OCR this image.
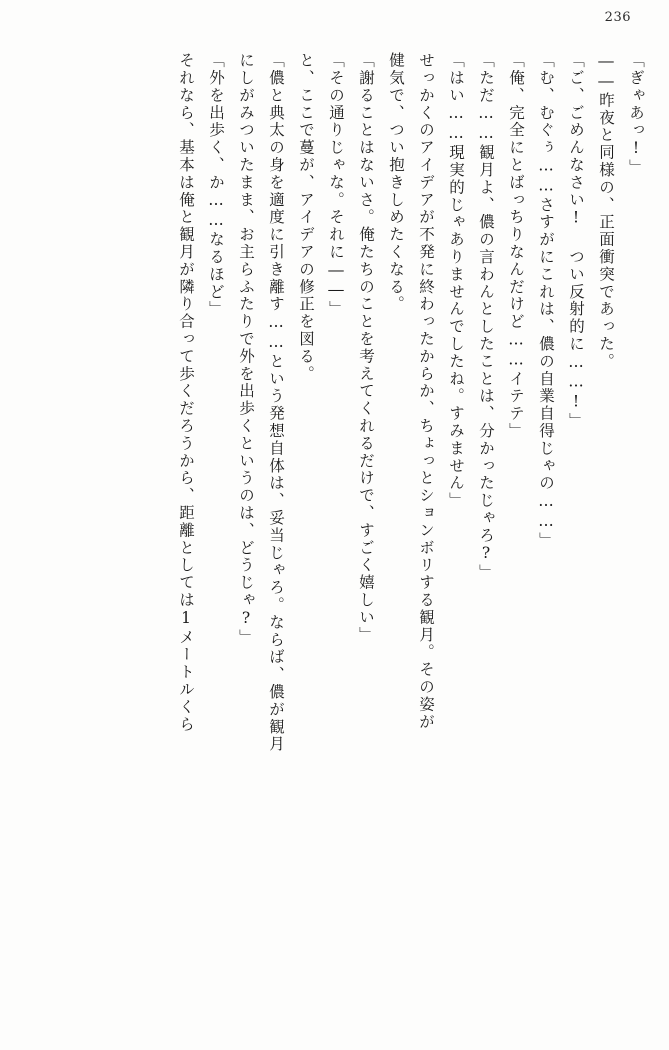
236
「ぎゃあっ!」
――昨夜と同様の、正面衝突であった。
「ご、ごめんなさい! つい反射的に……!」
「む、むぐぅ……さすがにこれは、儂の自業自得じゃの……」
「俺、完全にとばっちりなんだけど……イテテ」
「ただ……観月よ、儂の言わんとしたことは、分かったじゃろ?」
「はい……現実的じゃありませんでしたね。すみません」
せっかくのアイデアが不発に終わったからか、ちょっとションボリする観月。その姿が
健気で、つい抱きしめたくなる。
「謝ることはないさ。俺たちのことを考えてくれるだけで、すごく嬉しい」
「その通りじゃな。それに――」
と、ここで蔓が、アイデアの修正を図る。
「儂と典太の身を適度に引き離す……という発想自体は、妥当じゃろ。ならば、儂が観月
にしがみついたまま、お主らふたりで外を出歩くというのは、どうじゃ?」
「外を出歩く、か……なるほど」
それなら、基本は俺と観月が隣り合って歩くだろうから、距離としては1メートルくら
